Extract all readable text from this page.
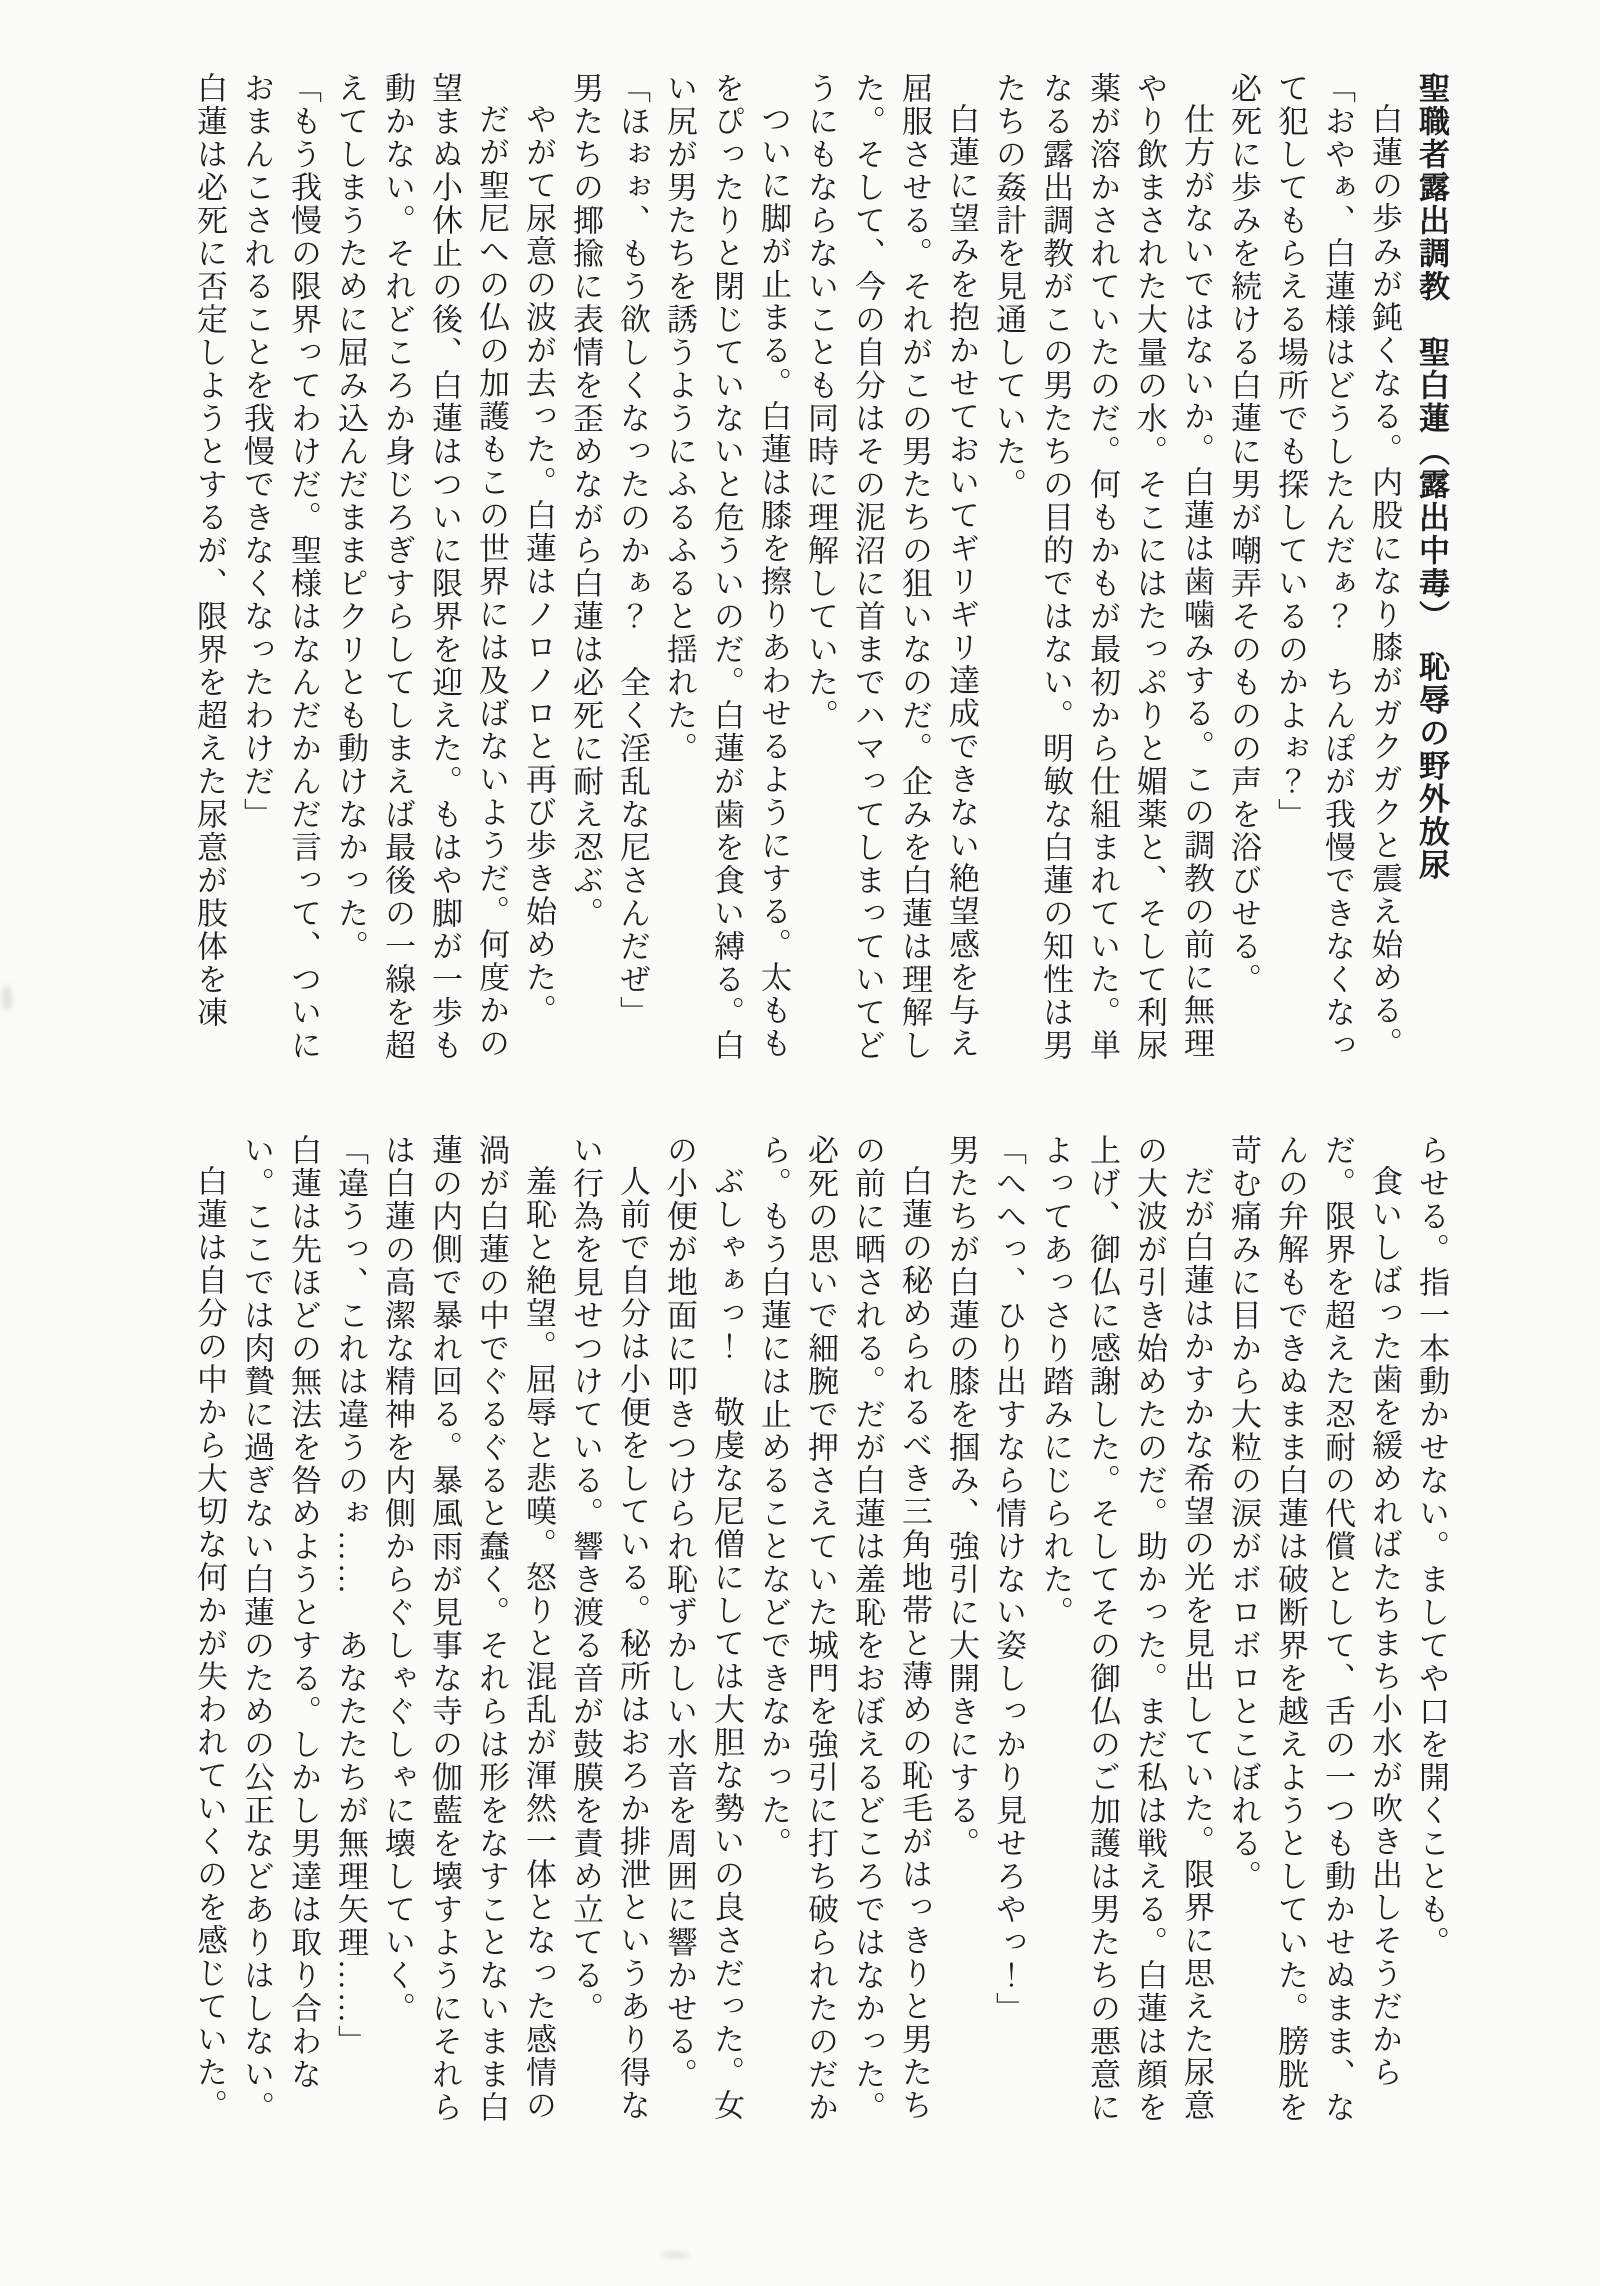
聖職者露出調教　聖白蓮（露出中毒）　恥辱の野外放尿

白蓮の歩みが鈍くなる。内股になり膝がガクガクと震え始める。

「おやぁ、白蓮様はどうしたんだぁ？　ちんぽが我慢できなくなって犯してもらえる場所でも探しているのかよぉ？」

必死に歩みを続ける白蓮に男が嘲弄そのものの声を浴びせる。

仕方がないではないか。白蓮は歯噛みする。この調教の前に無理やり飲まされた大量の水。そこにはたっぷりと媚薬と、そして利尿薬が溶かされていたのだ。何もかもが最初から仕組まれていた。単なる露出調教がこの男たちの目的ではない。明敏な白蓮の知性は男たちの姦計を見通していた。

白蓮に望みを抱かせておいてギリギリ達成できない絶望感を与え屈服させる。それがこの男たちの狙いなのだ。企みを白蓮は理解した。そして、今の自分はその泥沼に首までハマってしまっていてどうにもならないことも同時に理解していた。

ついに脚が止まる。白蓮は膝を擦りあわせるようにする。太ももをぴったりと閉じていないと危ういのだ。白蓮が歯を食い縛る。白い尻が男たちを誘うようにふるふると揺れた。

「ほぉぉ、もう欲しくなったのかぁ？　全く淫乱な尼さんだぜ」

男たちの揶揄に表情を歪めながら白蓮は必死に耐え忍ぶ。

やがて尿意の波が去った。白蓮はノロノロと再び歩き始めた。

だが聖尼への仏の加護もこの世界には及ばないようだ。何度かの望まぬ小休止の後、白蓮はついに限界を迎えた。もはや脚が一歩も動かない。それどころか身じろぎすらしてしまえば最後の一線を超えてしまうために屈み込んだままピクリとも動けなかった。

「もう我慢の限界ってわけだ。聖様はなんだかんだ言って、ついにおまんこされることを我慢できなくなったわけだ」

白蓮は必死に否定しようとするが、限界を超えた尿意が肢体を凍

らせる。指一本動かせない。ましてや口を開くことも。

食いしばった歯を緩めればたちまち小水が吹き出しそうだからだ。限界を超えた忍耐の代償として、舌の一つも動かせぬまま、なんの弁解もできぬまま白蓮は破断界を越えようとしていた。膀胱を苛む痛みに目から大粒の涙がボロボロとこぼれる。

だが白蓮はかすかな希望の光を見出していた。限界に思えた尿意の大波が引き始めたのだ。助かった。まだ私は戦える。白蓮は顔を上げ、御仏に感謝した。そしてその御仏のご加護は男たちの悪意によってあっさり踏みにじられた。

「へへっ、ひり出すなら情けない姿しっかり見せろやっ！」

男たちが白蓮の膝を掴み、強引に大開きにする。

白蓮の秘められるべき三角地帯と薄めの恥毛がはっきりと男たちの前に晒される。だが白蓮は羞恥をおぼえるどころではなかった。必死の思いで細腕で押さえていた城門を強引に打ち破られたのだから。もう白蓮には止めることなどできなかった。

ぶしゃぁっ！　敬虔な尼僧にしては大胆な勢いの良さだった。女の小便が地面に叩きつけられ恥ずかしい水音を周囲に響かせる。

人前で自分は小便をしている。秘所はおろか排泄というあり得ない行為を見せつけている。響き渡る音が鼓膜を責め立てる。

羞恥と絶望。屈辱と悲嘆。怒りと混乱が渾然一体となった感情の渦が白蓮の中でぐるぐると蠢く。それらは形をなすことないまま白蓮の内側で暴れ回る。暴風雨が見事な寺の伽藍を壊すようにそれらは白蓮の高潔な精神を内側からぐしゃぐしゃに壊していく。

「違うっ、これは違うのぉ……　あなたたちが無理矢理……」

白蓮は先ほどの無法を咎めようとする。しかし男達は取り合わない。ここでは肉贄に過ぎない白蓮のための公正などありはしない。

白蓮は自分の中から大切な何かが失われていくのを感じていた。
